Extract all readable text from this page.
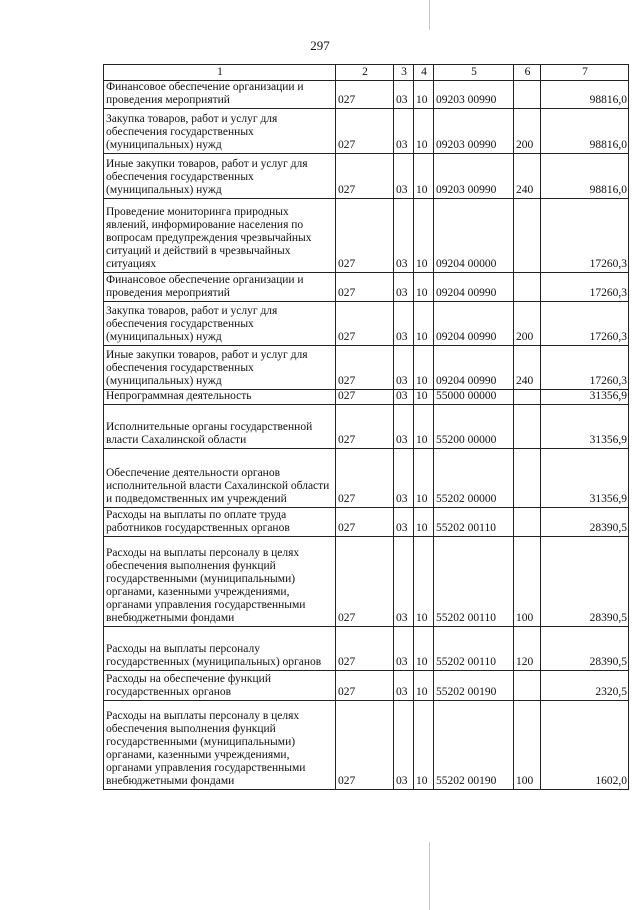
297
1	2	3	4	5	6	7
Финансовое обеспечение организации и проведения мероприятий	027	03	10	09203 00990		98816,0
Закупка товаров, работ и услуг для обеспечения государственных (муниципальных) нужд	027	03	10	09203 00990	200	98816,0
Иные закупки товаров, работ и услуг для обеспечения государственных (муниципальных) нужд	027	03	10	09203 00990	240	98816,0
Проведение мониторинга природных явлений, информирование населения по вопросам предупреждения чрезвычайных ситуаций и действий в чрезвычайных ситуациях	027	03	10	09204 00000		17260,3
Финансовое обеспечение организации и проведения мероприятий	027	03	10	09204 00990		17260,3
Закупка товаров, работ и услуг для обеспечения государственных (муниципальных) нужд	027	03	10	09204 00990	200	17260,3
Иные закупки товаров, работ и услуг для обеспечения государственных (муниципальных) нужд	027	03	10	09204 00990	240	17260,3
Непрограммная деятельность	027	03	10	55000 00000		31356,9
Исполнительные органы государственной власти Сахалинской области	027	03	10	55200 00000		31356,9
Обеспечение деятельности органов исполнительной власти Сахалинской области и подведомственных им учреждений	027	03	10	55202 00000		31356,9
Расходы на выплаты по оплате труда работников государственных органов	027	03	10	55202 00110		28390,5
Расходы на выплаты персоналу в целях обеспечения выполнения функций государственными (муниципальными) органами, казенными учреждениями, органами управления государственными внебюджетными фондами	027	03	10	55202 00110	100	28390,5
Расходы на выплаты персоналу государственных (муниципальных) органов	027	03	10	55202 00110	120	28390,5
Расходы на обеспечение функций государственных органов	027	03	10	55202 00190		2320,5
Расходы на выплаты персоналу в целях обеспечения выполнения функций государственными (муниципальными) органами, казенными учреждениями, органами управления государственными внебюджетными фондами	027	03	10	55202 00190	100	1602,0
